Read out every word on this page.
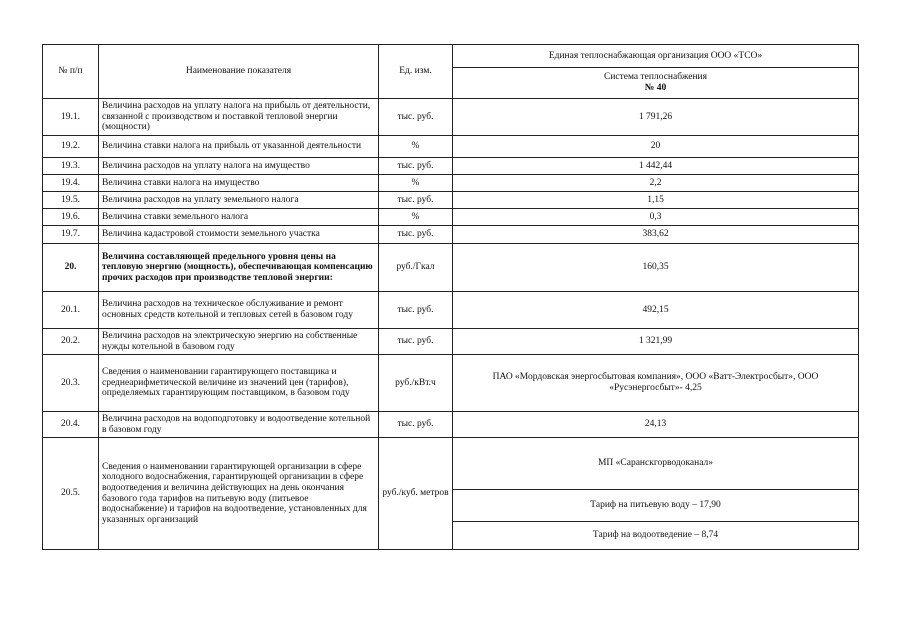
№ п/п	Наименование показателя	Ед. изм.	Единая теплоснабжающая организация ООО «ТСО»

			Система теплоснабжения
№ 40

19.1.	Величина расходов на уплату налога на прибыль от деятельности, связанной с производством и поставкой тепловой энергии (мощности)	тыс. руб.	1 791,26
19.2.	Величина ставки налога на прибыль от указанной деятельности	%	20
19.3.	Величина расходов на уплату налога на имущество	тыс. руб.	1 442,44
19.4.	Величина ставки налога на имущество	%	2,2
19.5.	Величина расходов на уплату земельного налога	тыс. руб.	1,15
19.6.	Величина ставки земельного налога	%	0,3
19.7.	Величина кадастровой стоимости земельного участка	тыс. руб.	383,62
20.	Величина составляющей предельного уровня цены на тепловую энергию (мощность), обеспечивающая компенсацию прочих расходов при производстве тепловой энергии:	руб./Гкал	160,35
20.1.	Величина расходов на техническое обслуживание и ремонт основных средств котельной и тепловых сетей в базовом году	тыс. руб.	492,15
20.2.	Величина расходов на электрическую энергию на собственные нужды котельной в базовом году	тыс. руб.	1 321,99
20.3.	Сведения о наименовании гарантирующего поставщика и среднеарифметической величине из значений цен (тарифов), определяемых гарантирующим поставщиком, в базовом году	руб./кВт.ч	ПАО «Мордовская энергосбытовая компания», ООО «Ватт-Электросбыт», ООО «Русэнергосбыт»- 4,25
20.4.	Величина расходов на водоподготовку и водоотведение котельной в базовом году	тыс. руб.	24,13
20.5.	Сведения о наименовании гарантирующей организации в сфере холодного водоснабжения, гарантирующей организации в сфере водоотведения и величина действующих на день окончания базового года тарифов на питьевую воду (питьевое водоснабжение) и тарифов на водоотведение, установленных для указанных организаций	руб./куб. метров	МП «Саранскгорводоканал»
			Тариф на питьевую воду – 17,90
			Тариф на водоотведение – 8,74
